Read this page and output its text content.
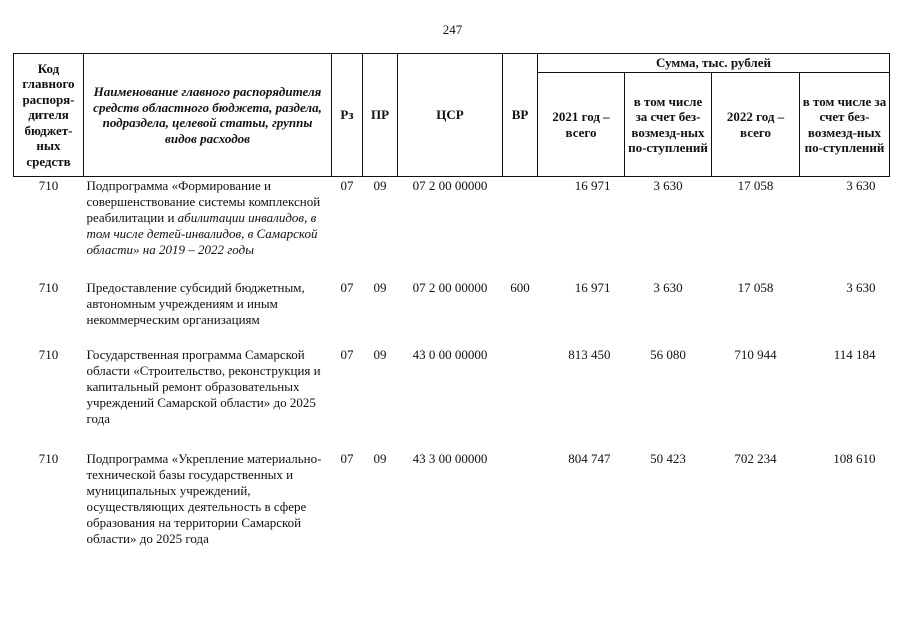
247
Код главного распоря-дителя бюджет-ных средств	Наименование главного распорядителя средств областного бюджета, раздела, подраздела, целевой статьи, группы видов расходов	Рз	ПР	ЦСР	ВР	Сумма, тыс. рублей			
						2021 год – всего	в том числе за счет без-возмезд-ных по-ступлений	2022 год – всего	в том числе за счет без-возмезд-ных по-ступлений
710	Подпрограмма «Формирование и совершенствование системы комплексной реабилитации и абилитации инвалидов, в том числе детей-инвалидов, в Самарской области» на 2019 – 2022 годы	07	09	07 2 00 00000		16 971	3 630	17 058	3 630
710	Предоставление субсидий бюджетным, автономным учреждениям и иным некоммерческим организациям	07	09	07 2 00 00000	600	16 971	3 630	17 058	3 630
710	Государственная программа Самарской области «Строительство, реконструкция и капитальный ремонт образовательных учреждений Самарской области» до 2025 года	07	09	43 0 00 00000		813 450	56 080	710 944	114 184
710	Подпрограмма «Укрепление материально-технической базы государственных и муниципальных учреждений, осуществляющих деятельность в сфере образования на территории Самарской области» до 2025 года	07	09	43 3 00 00000		804 747	50 423	702 234	108 610
